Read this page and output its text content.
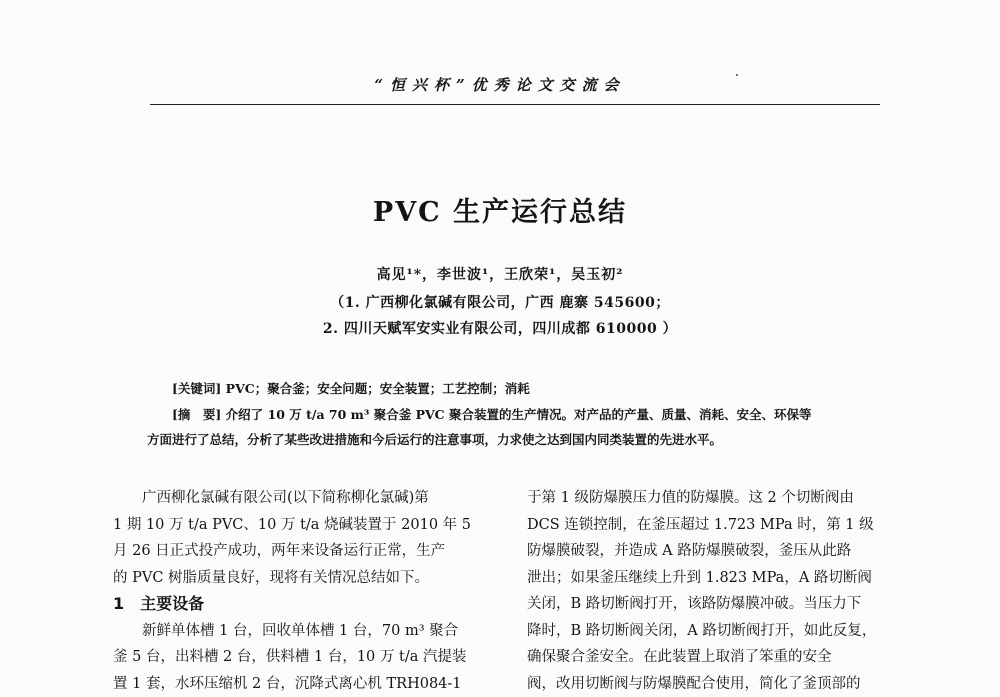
“恒兴杯”优秀论文交流会
PVC 生产运行总结
高见¹*，李世波¹，王欣荣¹，吴玉初²
（1. 广西柳化氯碱有限公司，广西 鹿寨 545600；
2. 四川天赋军安实业有限公司，四川成都 610000 ）
[关键词] PVC；聚合釜；安全问题；安全装置；工艺控制；消耗
[摘　要] 介绍了 10 万 t/a 70 m³ 聚合釜 PVC 聚合装置的生产情况。对产品的产量、质量、消耗、安全、环保等
方面进行了总结，分析了某些改进措施和今后运行的注意事项，力求使之达到国内同类装置的先进水平。

　　广西柳化氯碱有限公司(以下简称柳化氯碱)第

1 期 10 万 t/a PVC、10 万 t/a 烧碱装置于 2010 年 5

月 26 日正式投产成功，两年来设备运行正常，生产

的 PVC 树脂质量良好，现将有关情况总结如下。

1　主要设备

　　新鲜单体槽 1 台，回收单体槽 1 台，70 m³ 聚合

釜 5 台，出料槽 2 台，供料槽 1 台，10 万 t/a 汽提装

置 1 套，水环压缩机 2 台，沉降式离心机 TRH084-1

于第 1 级防爆膜压力值的防爆膜。这 2 个切断阀由

DCS 连锁控制，在釜压超过 1.723 MPa 时，第 1 级

防爆膜破裂，并造成 A 路防爆膜破裂，釜压从此路

泄出；如果釜压继续上升到 1.823 MPa，A 路切断阀

关闭，B 路切断阀打开，该路防爆膜冲破。当压力下

降时，B 路切断阀关闭，A 路切断阀打开，如此反复，

确保聚合釜安全。在此装置上取消了笨重的安全

阀，改用切断阀与防爆膜配合使用，简化了釜顶部的
